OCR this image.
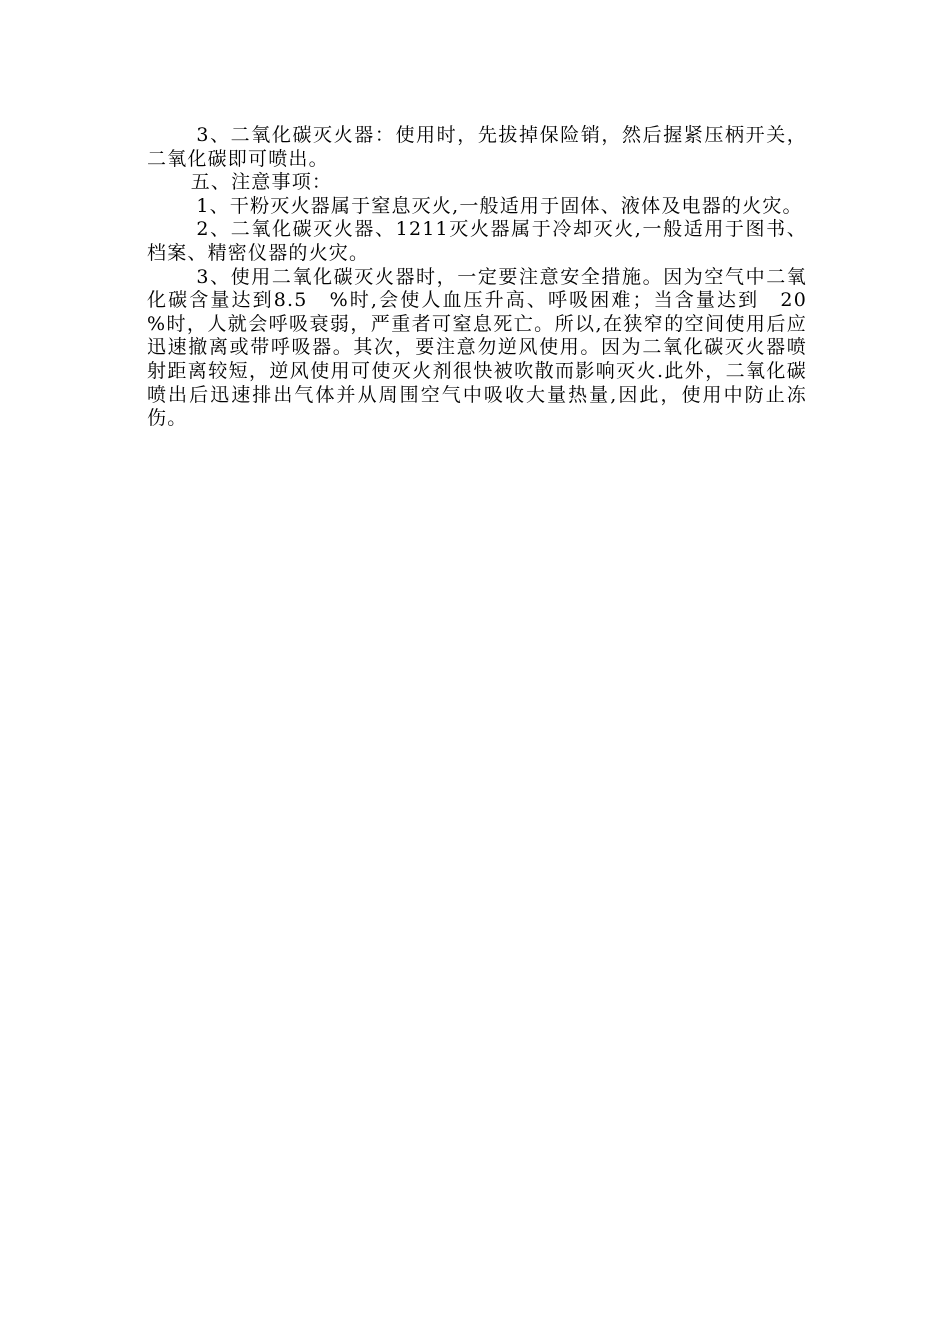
3、二氧化碳灭火器：使用时，先拔掉保险销，然后握紧压柄开关，二氧化碳即可喷出。

五、注意事项：

1、干粉灭火器属于窒息灭火,一般适用于固体、液体及电器的火灾。

2、二氧化碳灭火器、1211灭火器属于冷却灭火,一般适用于图书、档案、精密仪器的火灾。

3、使用二氧化碳灭火器时，一定要注意安全措施。因为空气中二氧化碳含量达到8.5　%时,会使人血压升高、呼吸困难；当含量达到　20　%时，人就会呼吸衰弱，严重者可窒息死亡。所以,在狭窄的空间使用后应迅速撤离或带呼吸器。其次，要注意勿逆风使用。因为二氧化碳灭火器喷射距离较短，逆风使用可使灭火剂很快被吹散而影响灭火.此外，二氧化碳喷出后迅速排出气体并从周围空气中吸收大量热量,因此，使用中防止冻伤。
